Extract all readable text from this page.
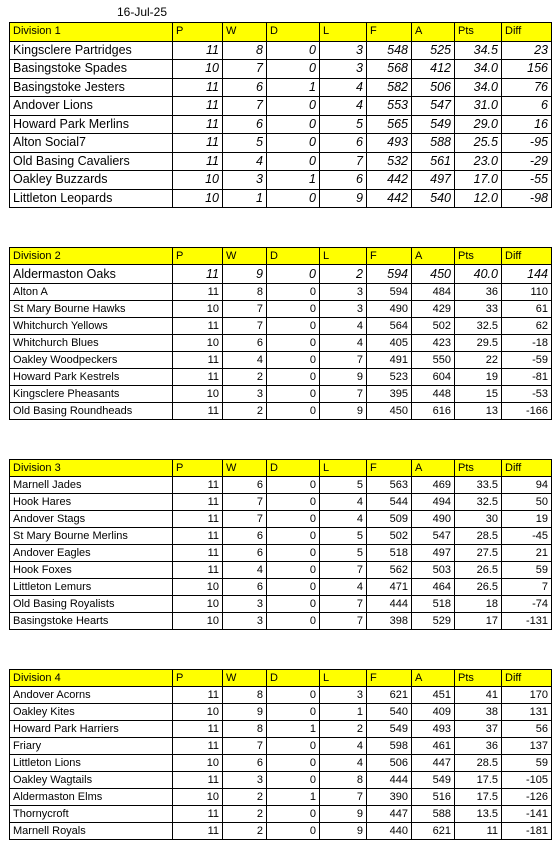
16-Jul-25
Division 1	P	W	D	L	F	A	Pts	Diff
Kingsclere Partridges	11	8	0	3	548	525	34.5	23
Basingstoke Spades	10	7	0	3	568	412	34.0	156
Basingstoke Jesters	11	6	1	4	582	506	34.0	76
Andover Lions	11	7	0	4	553	547	31.0	6
Howard Park Merlins	11	6	0	5	565	549	29.0	16
Alton Social7	11	5	0	6	493	588	25.5	-95
Old Basing Cavaliers	11	4	0	7	532	561	23.0	-29
Oakley Buzzards	10	3	1	6	442	497	17.0	-55
Littleton Leopards	10	1	0	9	442	540	12.0	-98
Division 2	P	W	D	L	F	A	Pts	Diff
Aldermaston Oaks	11	9	0	2	594	450	40.0	144
Alton A	11	8	0	3	594	484	36	110
St Mary Bourne Hawks	10	7	0	3	490	429	33	61
Whitchurch Yellows	11	7	0	4	564	502	32.5	62
Whitchurch Blues	10	6	0	4	405	423	29.5	-18
Oakley Woodpeckers	11	4	0	7	491	550	22	-59
Howard Park Kestrels	11	2	0	9	523	604	19	-81
Kingsclere Pheasants	10	3	0	7	395	448	15	-53
Old Basing Roundheads	11	2	0	9	450	616	13	-166
Division 3	P	W	D	L	F	A	Pts	Diff
Marnell Jades	11	6	0	5	563	469	33.5	94
Hook Hares	11	7	0	4	544	494	32.5	50
Andover Stags	11	7	0	4	509	490	30	19
St Mary Bourne Merlins	11	6	0	5	502	547	28.5	-45
Andover Eagles	11	6	0	5	518	497	27.5	21
Hook Foxes	11	4	0	7	562	503	26.5	59
Littleton Lemurs	10	6	0	4	471	464	26.5	7
Old Basing Royalists	10	3	0	7	444	518	18	-74
Basingstoke Hearts	10	3	0	7	398	529	17	-131
Division 4	P	W	D	L	F	A	Pts	Diff
Andover Acorns	11	8	0	3	621	451	41	170
Oakley Kites	10	9	0	1	540	409	38	131
Howard Park Harriers	11	8	1	2	549	493	37	56
Friary	11	7	0	4	598	461	36	137
Littleton Lions	10	6	0	4	506	447	28.5	59
Oakley Wagtails	11	3	0	8	444	549	17.5	-105
Aldermaston Elms	10	2	1	7	390	516	17.5	-126
Thornycroft	11	2	0	9	447	588	13.5	-141
Marnell Royals	11	2	0	9	440	621	11	-181
